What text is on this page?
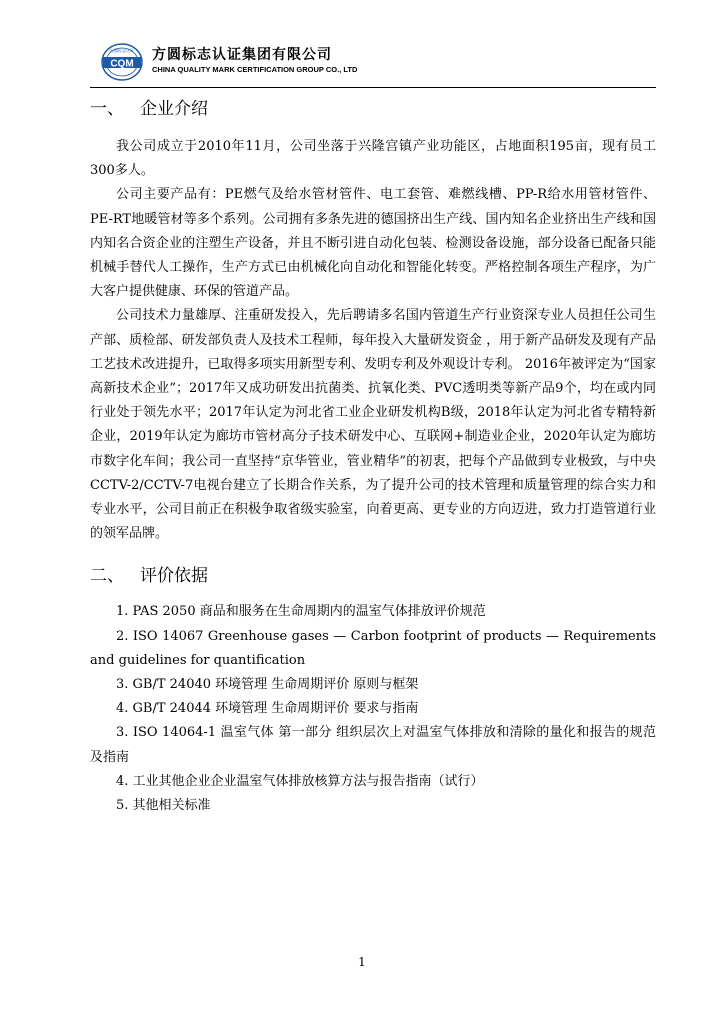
CQM
方圆标志认证 方圆标志认证集团有限公司
CHINA QUALITY MARK CERTIFICATION GROUP CO., LTD
一、 企业介绍

我公司成立于2010年11月，公司坐落于兴隆宫镇产业功能区，占地面积195亩，现有员工300多人。

公司主要产品有：PE燃气及给水管材管件、电工套管、难燃线槽、PP-R给水用管材管件、PE-RT地暖管材等多个系列。公司拥有多条先进的德国挤出生产线、国内知名企业挤出生产线和国内知名合资企业的注塑生产设备，并且不断引进自动化包装、检测设备设施，部分设备已配备只能机械手替代人工操作，生产方式已由机械化向自动化和智能化转变。严格控制各项生产程序，为广大客户提供健康、环保的管道产品。

公司技术力量雄厚、注重研发投入，先后聘请多名国内管道生产行业资深专业人员担任公司生产部、质检部、研发部负责人及技术工程师，每年投入大量研发资金 ，用于新产品研发及现有产品工艺技术改进提升，已取得多项实用新型专利、发明专利及外观设计专利。 2016年被评定为“国家高新技术企业”；2017年又成功研发出抗菌类、抗氧化类、PVC透明类等新产品9个，均在或内同行业处于领先水平；2017年认定为河北省工业企业研发机构B级，2018年认定为河北省专精特新企业，2019年认定为廊坊市管材高分子技术研发中心、互联网+制造业企业，2020年认定为廊坊市数字化车间；我公司一直坚持“京华管业，管业精华”的初衷，把每个产品做到专业极致，与中央CCTV-2/CCTV-7电视台建立了长期合作关系，为了提升公司的技术管理和质量管理的综合实力和专业水平，公司目前正在积极争取省级实验室，向着更高、更专业的方向迈进，致力打造管道行业的领军品牌。

二、 评价依据

1. PAS 2050 商品和服务在生命周期内的温室气体排放评价规范

2. ISO 14067 Greenhouse gases — Carbon footprint of products — Requirements and guidelines for quantification

3. GB/T 24040 环境管理 生命周期评价 原则与框架

4. GB/T 24044 环境管理 生命周期评价 要求与指南

3. ISO 14064-1 温室气体 第一部分 组织层次上对温室气体排放和清除的量化和报告的规范及指南

4. 工业其他企业企业温室气体排放核算方法与报告指南（试行）

5. 其他相关标准

1
